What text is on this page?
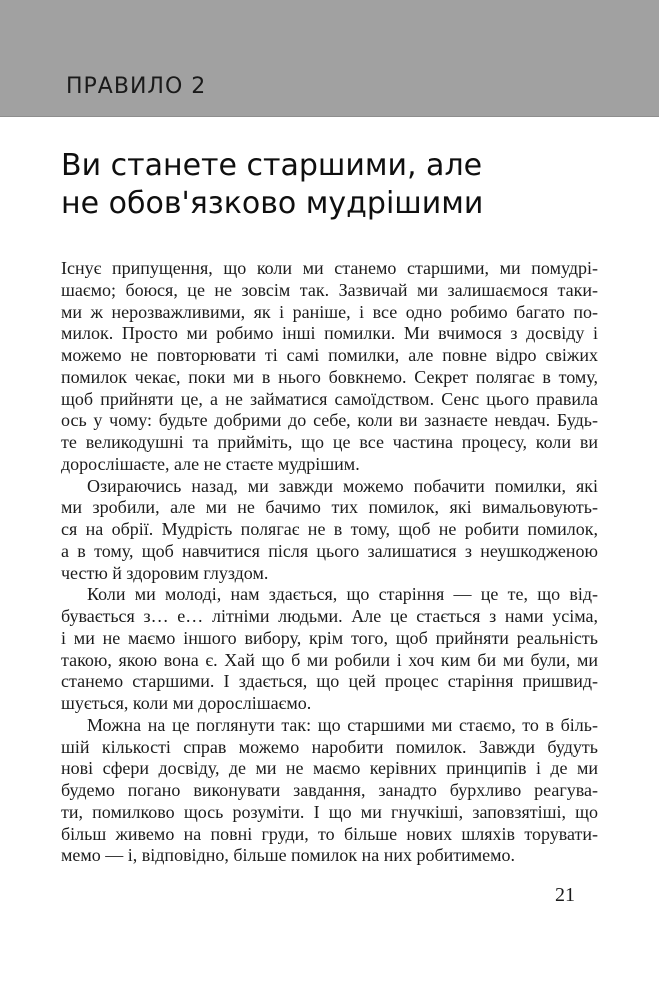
ПРАВИЛО 2
Ви станете старшими, але
не обов'язково мудрішими
Існує припущення, що коли ми станемо старшими, ми помудрі-
шаємо; боюся, це не зовсім так. Зазвичай ми залишаємося таки-
ми ж нерозважливими, як і раніше, і все одно робимо багато по-
милок. Просто ми робимо інші помилки. Ми вчимося з досвіду і
можемо не повторювати ті самі помилки, але повне відро свіжих
помилок чекає, поки ми в нього бовкнемо. Секрет полягає в тому,
щоб прийняти це, а не займатися самоїдством. Сенс цього правила
ось у чому: будьте добрими до себе, коли ви зазнаєте невдач. Будь-
те великодушні та прийміть, що це все частина процесу, коли ви
дорослішаєте, але не стаєте мудрішим.
Озираючись назад, ми завжди можемо побачити помилки, які
ми зробили, але ми не бачимо тих помилок, які вимальовують-
ся на обрії. Мудрість полягає не в тому, щоб не робити помилок,
а в тому, щоб навчитися після цього залишатися з неушкодженою
честю й здоровим глуздом.
Коли ми молоді, нам здається, що старіння — це те, що від-
бувається з… е… літніми людьми. Але це стається з нами усіма,
і ми не маємо іншого вибору, крім того, щоб прийняти реальність
такою, якою вона є. Хай що б ми робили і хоч ким би ми були, ми
станемо старшими. І здається, що цей процес старіння пришвид-
шується, коли ми дорослішаємо.
Можна на це поглянути так: що старшими ми стаємо, то в біль-
шій кількості справ можемо наробити помилок. Завжди будуть
нові сфери досвіду, де ми не маємо керівних принципів і де ми
будемо погано виконувати завдання, занадто бурхливо реагува-
ти, помилково щось розуміти. І що ми гнучкіші, заповзятіші, що
більш живемо на повні груди, то більше нових шляхів торувати-
мемо — і, відповідно, більше помилок на них робитимемо.
21
